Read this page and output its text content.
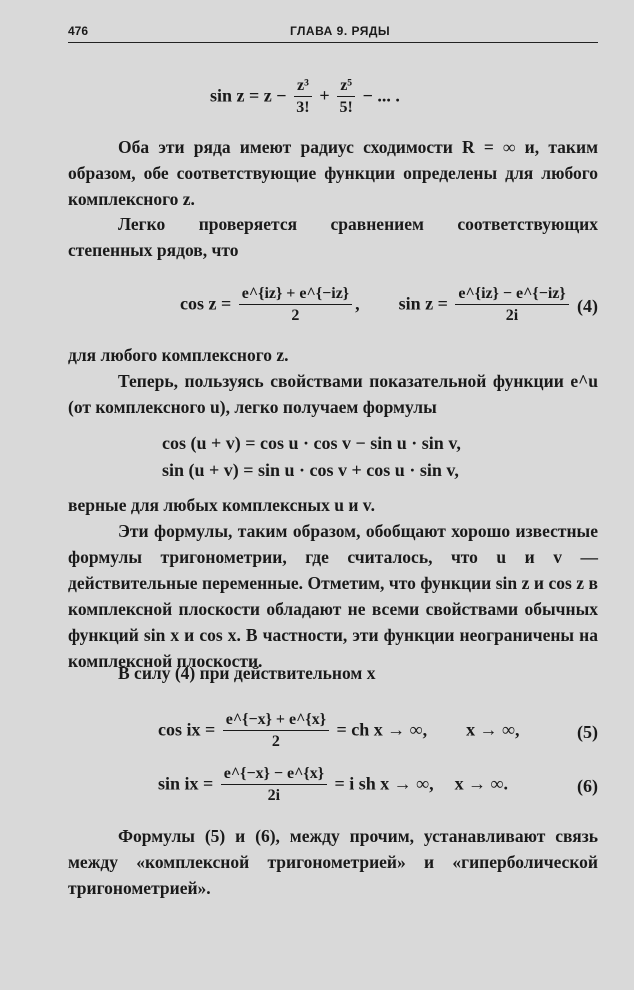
476	ГЛАВА 9. РЯДЫ
$\sin z = z - \frac{\text{z³}}{3!} + \frac{\text{z⁵}}{5!}$ − ... .
Оба эти ряда имеют радиус сходимости R = ∞ и, таким образом, обе соответствующие функции определены для любого комплексного z.
Легко проверяется сравнением соответствующих степенных рядов, что
$\cos z = \frac{e\^{}\{iz\} + e\^{}\{-iz\}}{2}$ , $\sin z = \frac{e\^{}\{iz\} - e\^{}\{-iz\}}{2i} (4)$
для любого комплексного z.
Теперь, пользуясь свойствами показательной функции e^u (от комплексного u), легко получаем формулы
cos (u + v) = cos u · cos v − sin u · sin v,
sin (u + v) = sin u · cos v + cos u · sin v,
верные для любых комплексных u и v.
Эти формулы, таким образом, обобщают хорошо известные формулы тригонометрии, где считалось, что u и v — действительные переменные. Отметим, что функции sin z и cos z в комплексной плоскости обладают не всеми свойствами обычных функций sin x и cos x. В частности, эти функции неограничены на комплексной плоскости.
В силу (4) при действительном x
cos ix = $\frac{e\^{}\{-x\} + e\^{}\{x\}}{2}$ = ch x → ∞, x → ∞,	(5)
sin ix = $\frac{e\^{}\{-x\} - e\^{}\{x\}}{2i} = i$ sh x → ∞, x → ∞.	(6)
Формулы (5) и (6), между прочим, устанавливают связь между «комплексной тригонометрией» и «гиперболической тригонометрией».
